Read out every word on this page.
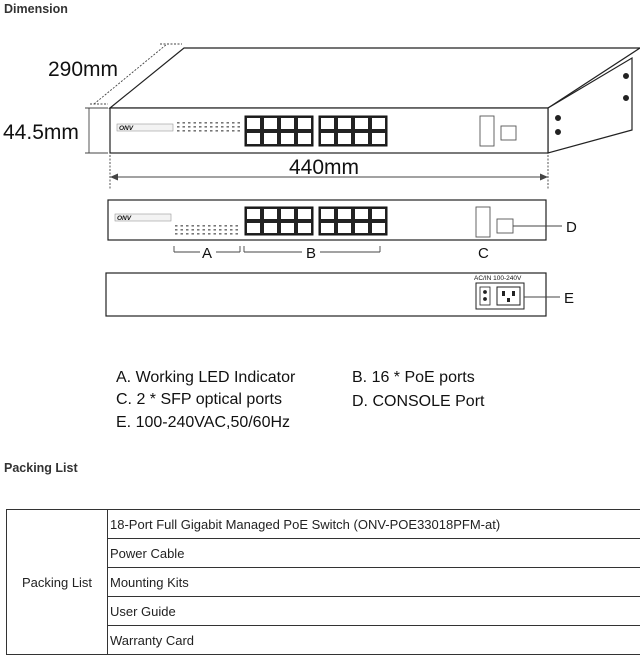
Dimension
ONV
290mm
44.5mm
440mm
ONV
A	B	C
D
AC/IN 100-240V
E
A. Working LED Indicator	B. 16 * PoE ports
C. 2 * SFP optical ports	D. CONSOLE Port
E. 100-240VAC,50/60Hz
Packing List
Packing List	18-Port Full Gigabit Managed PoE Switch (ONV-POE33018PFM-at)
Power Cable
Mounting Kits
User Guide
Warranty Card
